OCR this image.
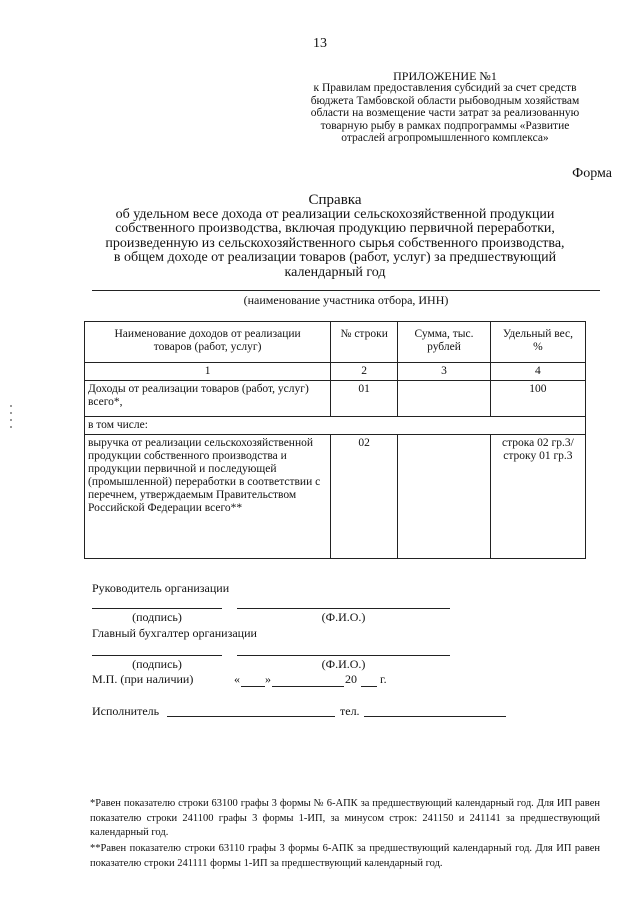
13
ПРИЛОЖЕНИЕ №1
к Правилам предоставления субсидий за счет средств
бюджета Тамбовской области рыбоводным хозяйствам
области на возмещение части затрат за реализованную
товарную рыбу в рамках подпрограммы «Развитие
отраслей агропромышленного комплекса»
Форма
Справка
об удельном весе дохода от реализации сельскохозяйственной продукции
собственного производства, включая продукцию первичной переработки,
произведенную из сельскохозяйственного сырья собственного производства,
в общем доходе от реализации товаров (работ, услуг) за предшествующий
календарный год
(наименование участника отбора, ИНН)
Наименование доходов от реализации товаров (работ, услуг)	№ строки	Сумма, тыс. рублей	Удельный вес, %
1	2	3	4
Доходы от реализации товаров (работ, услуг) всего*,	01		100
в том числе:			
выручка от реализации сельскохозяйственной продукции собственного производства и продукции первичной и последующей (промышленной) переработки в соответствии с перечнем, утверждаемым Правительством Российской Федерации всего**	02		строка 02 гр.3/ строку 01 гр.3
Руководитель организации
(подпись)	(Ф.И.О.)
Главный бухгалтер организации
(подпись)	(Ф.И.О.)
М.П. (при наличии)	« »	20 г.
Исполнитель	тел.
*Равен показателю строки 63100 графы 3 формы № 6-АПК за предшествующий календарный год. Для ИП равен показателю строки 241100 графы 3 формы 1-ИП, за минусом строк: 241150 и 241141 за предшествующий календарный год.
**Равен показателю строки 63110 графы 3 формы 6-АПК за предшествующий календарный год. Для ИП равен показателю строки 241111 формы 1-ИП за предшествующий календарный год.
